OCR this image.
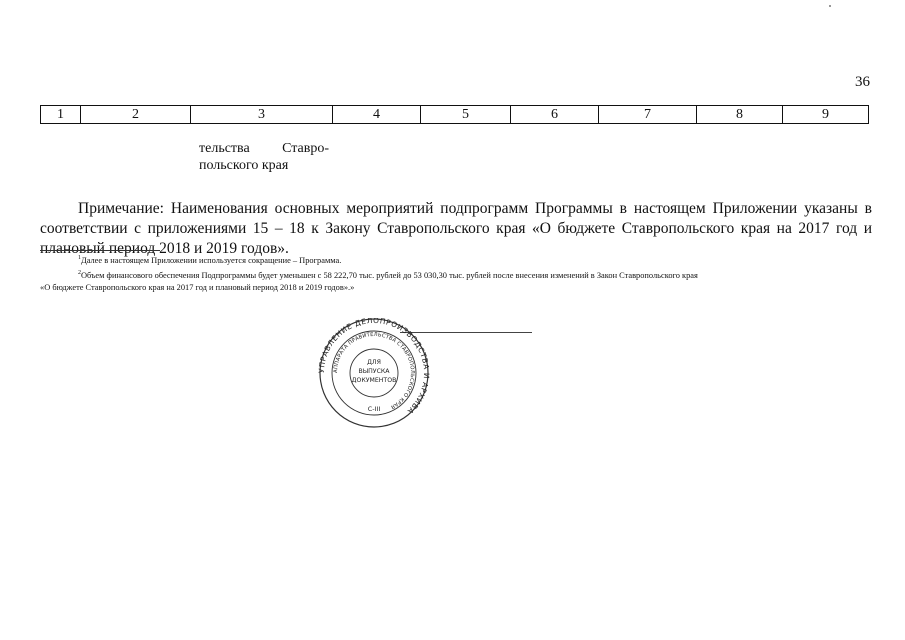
36
1	2	3	4	5	6	7	8	9
тельства Ставро-
польского края

Примечание: Наименования основных мероприятий подпрограмм Программы в настоящем Приложении указаны в соответствии с приложениями 15 – 18 к Закону Ставропольского края «О бюджете Ставропольского края на 2017 год и плановый период 2018 и 2019 годов».

$^1$Далее в настоящем Приложении используется сокращение – Программа.

$^2$Объем финансового обеспечения Подпрограммы будет уменьшен с 58 222,70 тыс. рублей до 53 030,30 тыс. рублей после внесения изменений в Закон Ставропольского края

«О бюджете Ставропольского края на 2017 год и плановый период 2018 и 2019 годов».»

УПРАВЛЕНИЕ ДЕЛОПРОИЗВОДСТВА И АРХИВА
АППАРАТА ПРАВИТЕЛЬСТВА СТАВРОПОЛЬСКОГО КРАЯ
ДЛЯ
ВЫПУСКА
ДОКУМЕНТОВ
С-III
